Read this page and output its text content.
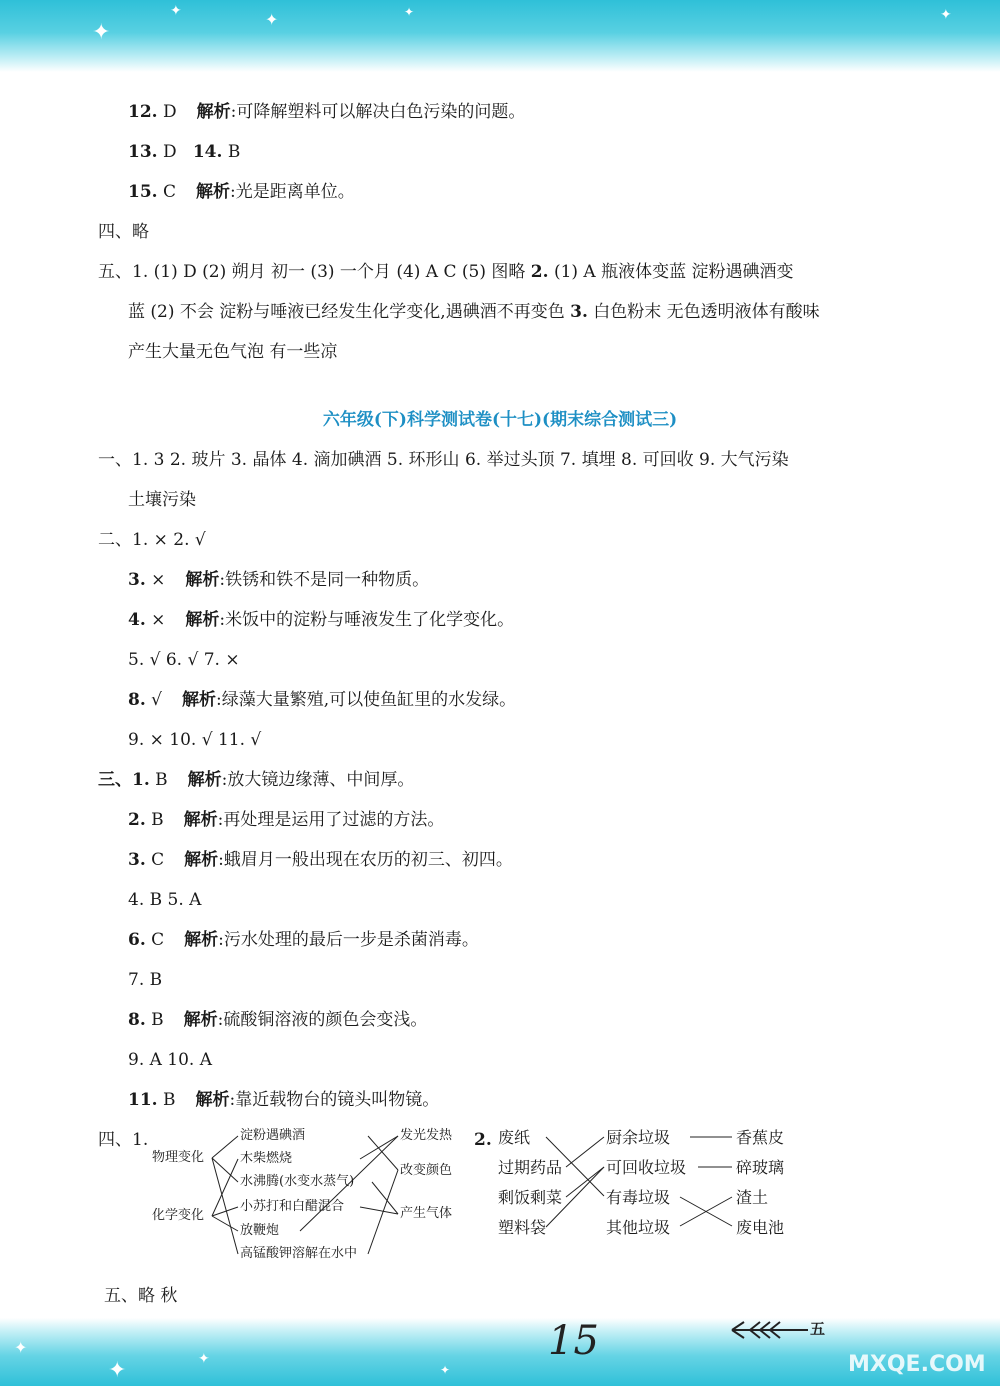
✦
✦	✦	✦	✦
12. D 解析:可降解塑料可以解决白色污染的问题。
13. D 14. B
15. C 解析:光是距离单位。
四、略
五、1. (1) D (2) 朔月 初一 (3) 一个月 (4) A C (5) 图略 2. (1) A 瓶液体变蓝 淀粉遇碘酒变
蓝 (2) 不会 淀粉与唾液已经发生化学变化,遇碘酒不再变色 3. 白色粉末 无色透明液体有酸味
产生大量无色气泡 有一些凉
六年级(下)科学测试卷(十七)(期末综合测试三)
一、1. 3 2. 玻片 3. 晶体 4. 滴加碘酒 5. 环形山 6. 举过头顶 7. 填埋 8. 可回收 9. 大气污染
土壤污染
二、1. × 2. √
3. × 解析:铁锈和铁不是同一种物质。
4. × 解析:米饭中的淀粉与唾液发生了化学变化。
5. √ 6. √ 7. ×
8. √ 解析:绿藻大量繁殖,可以使鱼缸里的水发绿。
9. × 10. √ 11. √
三、1. B 解析:放大镜边缘薄、中间厚。
2. B 解析:再处理是运用了过滤的方法。
3. C 解析:蛾眉月一般出现在农历的初三、初四。
4. B 5. A
6. C 解析:污水处理的最后一步是杀菌消毒。
7. B
8. B 解析:硫酸铜溶液的颜色会变浅。
9. A 10. A
11. B 解析:靠近载物台的镜头叫物镜。
四、1.
物理变化
化学变化
淀粉遇碘酒
木柴燃烧
水沸腾(水变水蒸气)
小苏打和白醋混合
放鞭炮
高锰酸钾溶解在水中
发光发热
改变颜色
产生气体
2. 废纸
过期药品
剩饭剩菜
塑料袋
厨余垃圾
可回收垃圾
有毒垃圾
其他垃圾
香蕉皮
碎玻璃
渣土
废电池
五、略 秋
✦
✦	✦
✦
15	五
MXQE.COM
